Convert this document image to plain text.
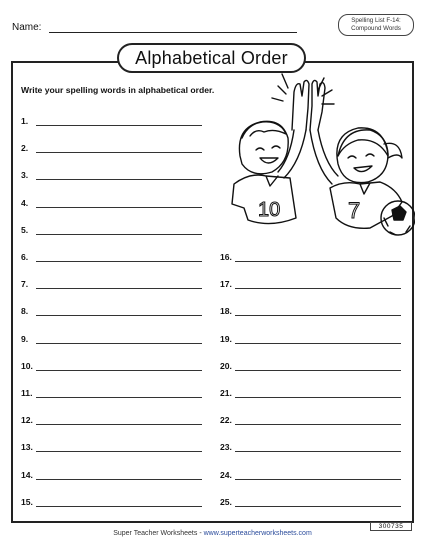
Name:
Spelling List F-14:
Compound Words
Alphabetical Order
Write your spelling words in alphabetical order.
1.
2.
3.
4.
5.
6.
7.
8.
9.
10.
11.
12.
13.
14.
15.
16.
17.
18.
19.
20.
21.
22.
23.
24.
25.
10	7
Super Teacher Worksheets - www.superteacherworksheets.com
300735
